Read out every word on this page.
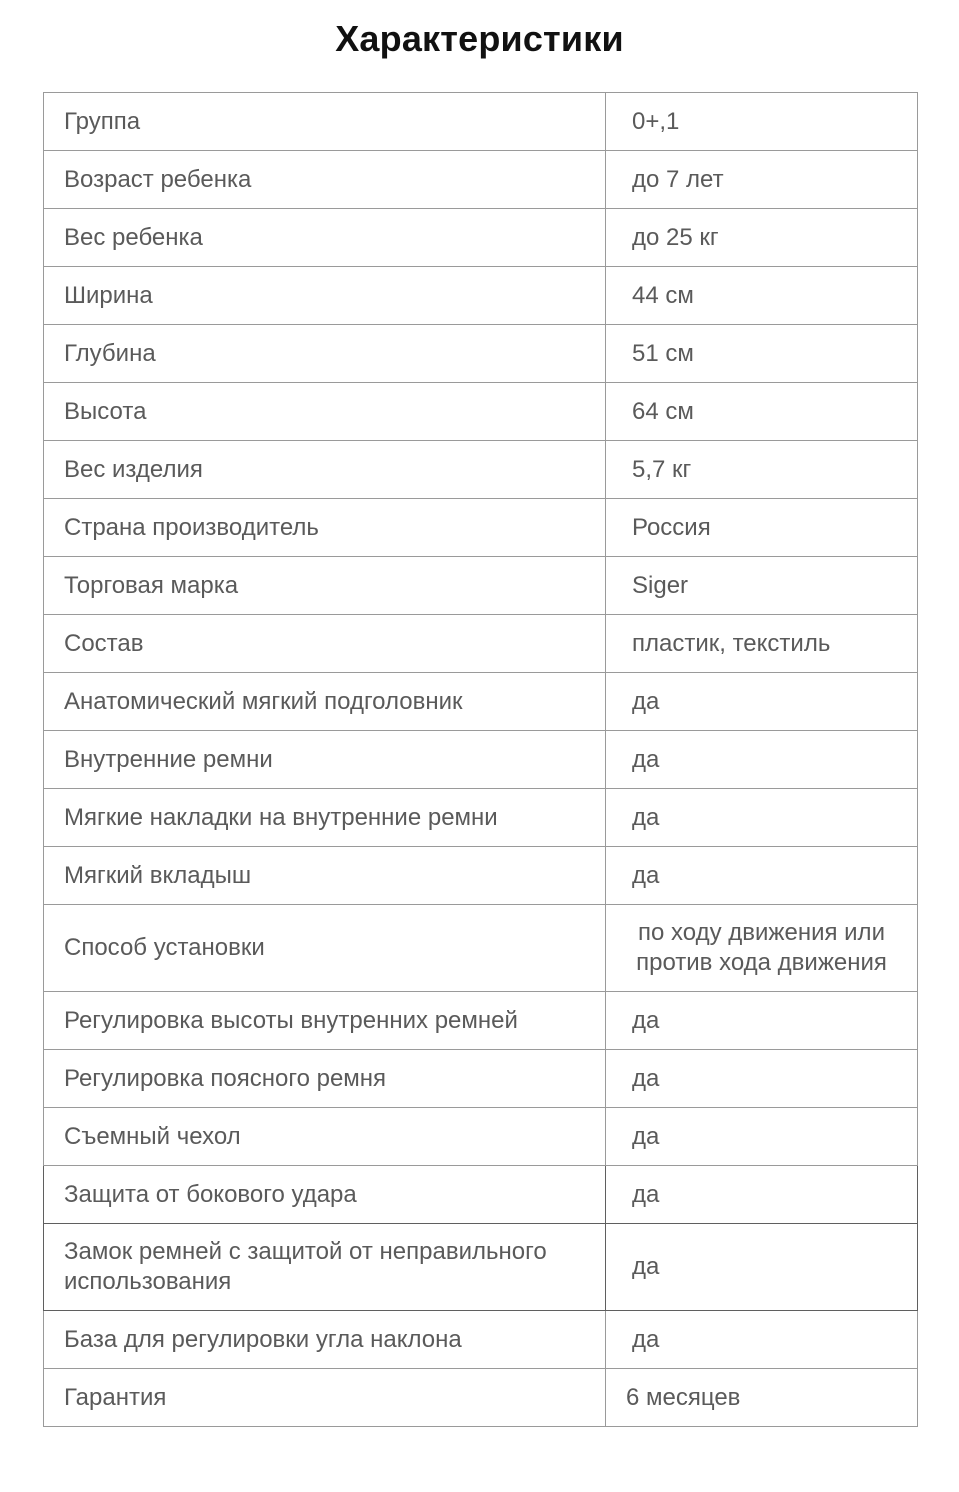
Характеристики
Группа	0+,1
Возраст ребенка	до 7 лет
Вес ребенка	до 25 кг
Ширина	44 см
Глубина	51 см
Высота	64 см
Вес изделия	5,7 кг
Страна производитель	Россия
Торговая марка	Siger
Состав	пластик, текстиль
Анатомический мягкий подголовник	да
Внутренние ремни	да
Мягкие накладки на внутренние ремни	да
Мягкий вкладыш	да
Способ установки	по ходу движения или против хода движения
Регулировка высоты внутренних ремней	да
Регулировка поясного ремня	да
Съемный чехол	да
Защита от бокового удара	да
Замок ремней с защитой от неправильного использования	да
База для регулировки угла наклона	да
Гарантия	6 месяцев
